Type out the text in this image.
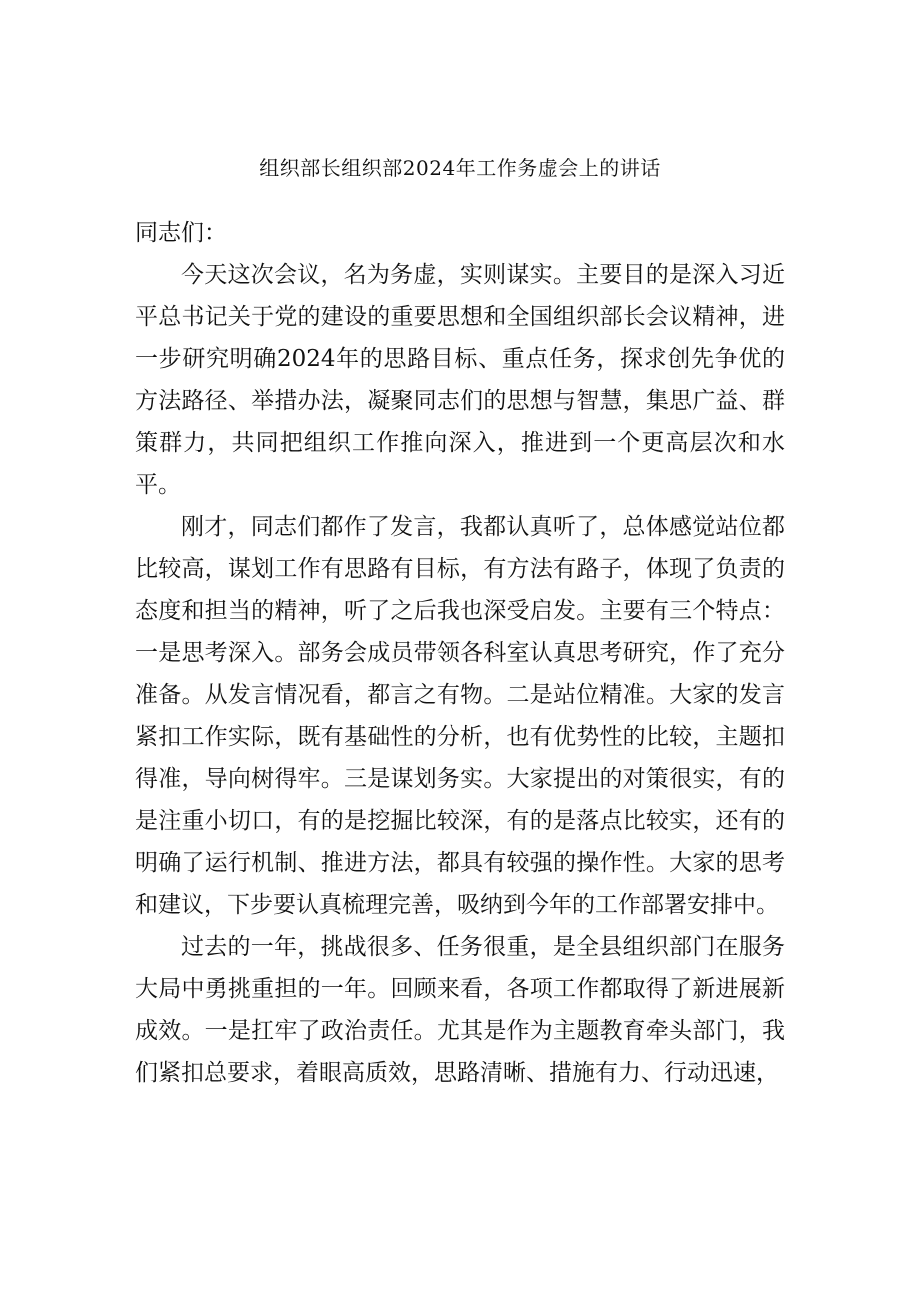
组织部长组织部2024年工作务虚会上的讲话

同志们：

今天这次会议，名为务虚，实则谋实。主要目的是深入习近平总书记关于党的建设的重要思想和全国组织部长会议精神，进一步研究明确2024年的思路目标、重点任务，探求创先争优的方法路径、举措办法，凝聚同志们的思想与智慧，集思广益、群策群力，共同把组织工作推向深入，推进到一个更高层次和水平。

刚才，同志们都作了发言，我都认真听了，总体感觉站位都比较高，谋划工作有思路有目标，有方法有路子，体现了负责的态度和担当的精神，听了之后我也深受启发。主要有三个特点：一是思考深入。部务会成员带领各科室认真思考研究，作了充分准备。从发言情况看，都言之有物。二是站位精准。大家的发言紧扣工作实际，既有基础性的分析，也有优势性的比较，主题扣得准，导向树得牢。三是谋划务实。大家提出的对策很实，有的是注重小切口，有的是挖掘比较深，有的是落点比较实，还有的明确了运行机制、推进方法，都具有较强的操作性。大家的思考和建议，下步要认真梳理完善，吸纳到今年的工作部署安排中。

过去的一年，挑战很多、任务很重，是全县组织部门在服务大局中勇挑重担的一年。回顾来看，各项工作都取得了新进展新成效。一是扛牢了政治责任。尤其是作为主题教育牵头部门，我们紧扣总要求，着眼高质效，思路清晰、措施有力、行动迅速，
